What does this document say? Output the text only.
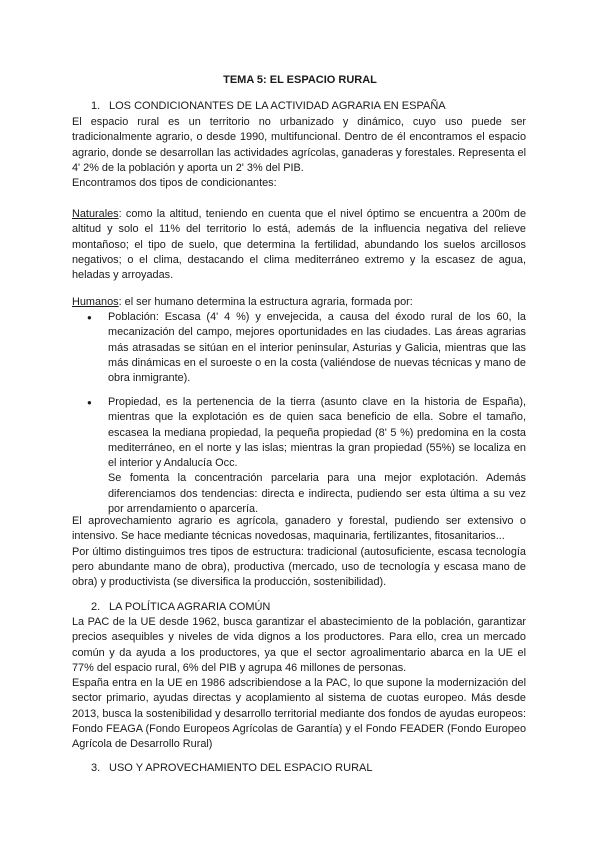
TEMA 5: EL ESPACIO RURAL
1. LOS CONDICIONANTES DE LA ACTIVIDAD AGRARIA EN ESPAÑA

El espacio rural es un territorio no urbanizado y dinámico, cuyo uso puede ser tradicionalmente agrario, o desde 1990, multifuncional. Dentro de él encontramos el espacio agrario, donde se desarrollan las actividades agrícolas, ganaderas y forestales. Representa el 4' 2% de la población y aporta un 2' 3% del PIB.

Encontramos dos tipos de condicionantes:

Naturales: como la altitud, teniendo en cuenta que el nivel óptimo se encuentra a 200m de altitud y solo el 11% del territorio lo está, además de la influencia negativa del relieve montañoso; el tipo de suelo, que determina la fertilidad, abundando los suelos arcillosos negativos; o el clima, destacando el clima mediterráneo extremo y la escasez de agua, heladas y arroyadas.

Humanos: el ser humano determina la estructura agraria, formada por:

● Población: Escasa (4' 4 %) y envejecida, a causa del éxodo rural de los 60, la mecanización del campo, mejores oportunidades en las ciudades. Las áreas agrarias más atrasadas se sitúan en el interior peninsular, Asturias y Galicia, mientras que las más dinámicas en el suroeste o en la costa (valiéndose de nuevas técnicas y mano de obra inmigrante).

● Propiedad, es la pertenencia de la tierra (asunto clave en la historia de España), mientras que la explotación es de quien saca beneficio de ella. Sobre el tamaño, escasea la mediana propiedad, la pequeña propiedad (8' 5 %) predomina en la costa mediterráneo, en el norte y las islas; mientras la gran propiedad (55%) se localiza en el interior y Andalucía Occ.

Se fomenta la concentración parcelaria para una mejor explotación. Además diferenciamos dos tendencias: directa e indirecta, pudiendo ser esta última a su vez por arrendamiento o aparcería.

El aprovechamiento agrario es agrícola, ganadero y forestal, pudiendo ser extensivo o intensivo. Se hace mediante técnicas novedosas, maquinaria, fertilizantes, fitosanitarios...

Por último distinguimos tres tipos de estructura: tradicional (autosuficiente, escasa tecnología pero abundante mano de obra), productiva (mercado, uso de tecnología y escasa mano de obra) y productivista (se diversifica la producción, sostenibilidad).

2. LA POLÍTICA AGRARIA COMÚN

La PAC de la UE desde 1962, busca garantizar el abastecimiento de la población, garantizar precios asequibles y niveles de vida dignos a los productores. Para ello, crea un mercado común y da ayuda a los productores, ya que el sector agroalimentario abarca en la UE el 77% del espacio rural, 6% del PIB y agrupa 46 millones de personas.

España entra en la UE en 1986 adscribiendose a la PAC, lo que supone la modernización del sector primario, ayudas directas y acoplamiento al sistema de cuotas europeo. Más desde 2013, busca la sostenibilidad y desarrollo territorial mediante dos fondos de ayudas europeos: Fondo FEAGA (Fondo Europeos Agrícolas de Garantía) y el Fondo FEADER (Fondo Europeo Agrícola de Desarrollo Rural)

3. USO Y APROVECHAMIENTO DEL ESPACIO RURAL
